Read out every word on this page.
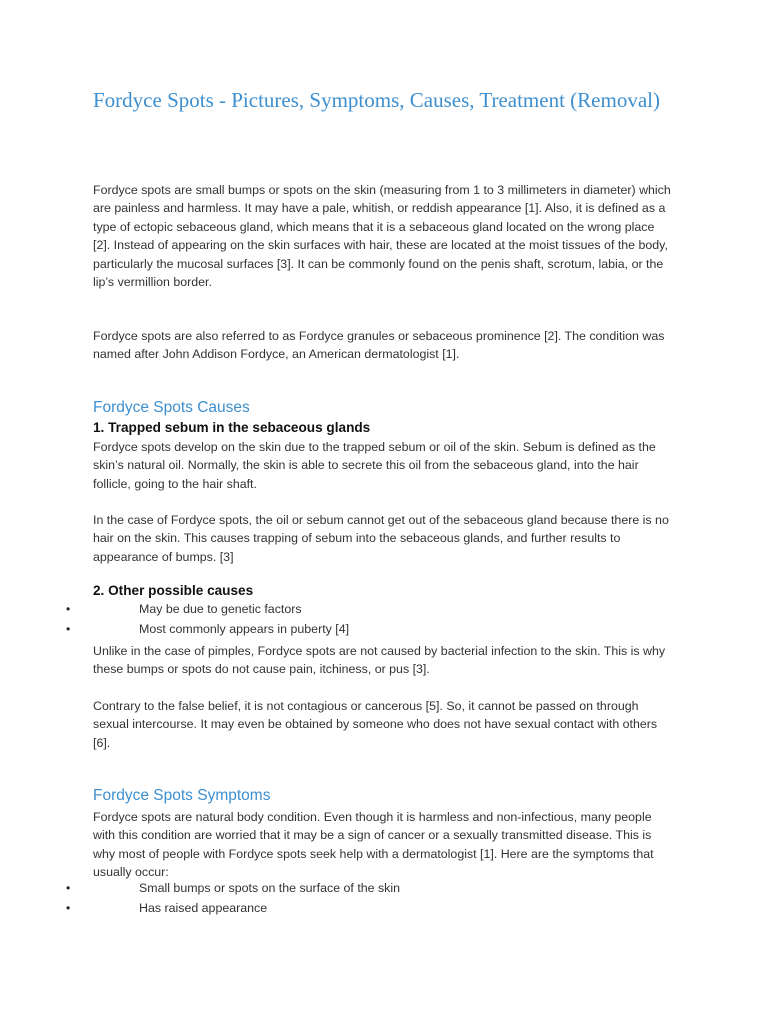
Fordyce Spots - Pictures, Symptoms, Causes, Treatment (Removal)

Fordyce spots are small bumps or spots on the skin (measuring from 1 to 3 millimeters in diameter) which are painless and harmless. It may have a pale, whitish, or reddish appearance [1]. Also, it is defined as a type of ectopic sebaceous gland, which means that it is a sebaceous gland located on the wrong place [2]. Instead of appearing on the skin surfaces with hair, these are located at the moist tissues of the body, particularly the mucosal surfaces [3]. It can be commonly found on the penis shaft, scrotum, labia, or the lip’s vermillion border.

Fordyce spots are also referred to as Fordyce granules or sebaceous prominence [2]. The condition was named after John Addison Fordyce, an American dermatologist [1].

Fordyce Spots Causes
1. Trapped sebum in the sebaceous glands

Fordyce spots develop on the skin due to the trapped sebum or oil of the skin. Sebum is defined as the skin’s natural oil. Normally, the skin is able to secrete this oil from the sebaceous gland, into the hair follicle, going to the hair shaft.

In the case of Fordyce spots, the oil or sebum cannot get out of the sebaceous gland because there is no hair on the skin. This causes trapping of sebum into the sebaceous glands, and further results to appearance of bumps. [3]

2. Other possible causes
•	May be due to genetic factors
•	Most commonly appears in puberty [4]

Unlike in the case of pimples, Fordyce spots are not caused by bacterial infection to the skin. This is why these bumps or spots do not cause pain, itchiness, or pus [3].

Contrary to the false belief, it is not contagious or cancerous [5]. So, it cannot be passed on through sexual intercourse. It may even be obtained by someone who does not have sexual contact with others [6].

Fordyce Spots Symptoms

Fordyce spots are natural body condition. Even though it is harmless and non-infectious, many people with this condition are worried that it may be a sign of cancer or a sexually transmitted disease. This is why most of people with Fordyce spots seek help with a dermatologist [1]. Here are the symptoms that usually occur:

•	Small bumps or spots on the surface of the skin
•	Has raised appearance
